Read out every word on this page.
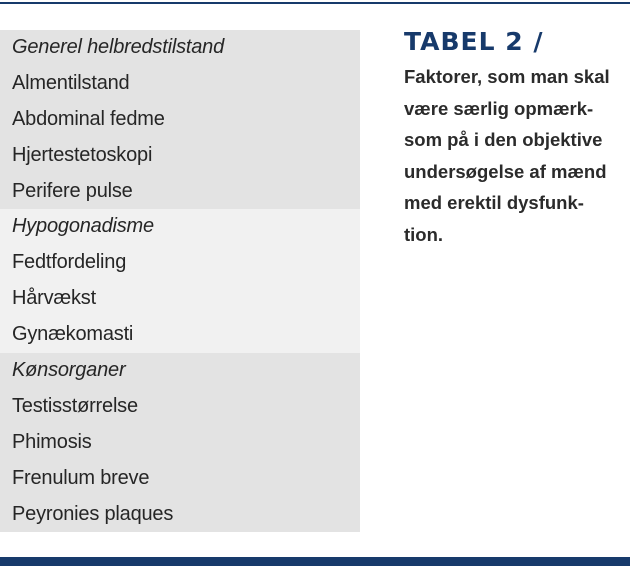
Generel helbredstilstand
Almentilstand
Abdominal fedme
Hjertestetoskopi
Perifere pulse
Hypogonadisme
Fedtfordeling
Hårvækst
Gynækomasti
Kønsorganer
Testisstørrelse
Phimosis
Frenulum breve
Peyronies plaques
TABEL 2 /
Faktorer, som man skal
være særlig opmærk-
som på i den objektive
undersøgelse af mænd
med erektil dysfunk-
tion.
